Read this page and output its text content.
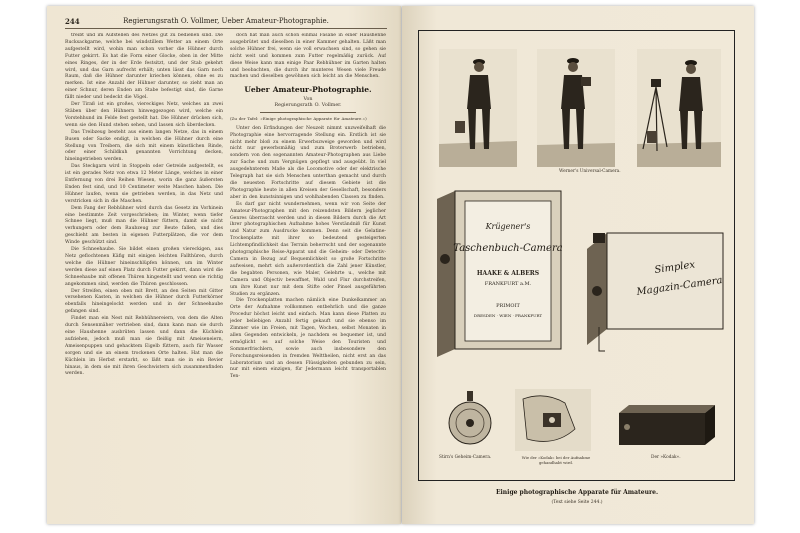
244	Regierungsrath O. Vollmer, Ueber Amateur-Photographie.

treibt und im Aufstellen des Netzes gut zu bedienen sind. Die Rucksackgarne, welche bei windstillem Wetter an einem Orte aufgestellt wird, wohin man schon vorher die Hühner durch Futter gekirrt. Es hat die Form einer Glocke, oben in der Mitte eines Ringes, der in der Erde festsitzt, und der Stab gekehrt wird, und das Garn aufrecht erhält; unten lässt das Garn noch Raum, daß die Hühner darunter kriechen können, ohne es zu merken. Ist eine Anzahl der Hühner darunter, so zieht man an einer Schnur, deren Enden am Stabe befestigt sind, die Garne fällt nieder und bedeckt die Vögel.

Der Tiraß ist ein großes, viereckiges Netz, welches an zwei Stäben über den Hühnern hinweggezogen wird, welche ein Vorstehhund im Felde fest gestellt hat. Die Hühner drücken sich, wenn sie den Hund stehen sehen, und lassen sich überdecken.

Das Treibzeug besteht aus einem langen Netze, das in einem Busen oder Sacke endigt, in welchen die Hühner durch eine Stellung von Treibern, die sich mit einem künstlichen Rinde, oder einer Schildkuh genannten Vorrichtung decken, hineingetrieben werden.

Das Steckgarn wird in Stoppeln oder Getreide aufgestellt, es ist ein gerades Netz von etwa 12 Meter Länge, welches in einer Entfernung von drei Reihen Wiesen, worin die ganz äußersten Enden fest sind, und 10 Centimeter weite Maschen haben. Die Hühner laufen, wenn sie getrieben werden, in das Netz und verstricken sich in die Maschen.

Dem Fang der Rebhühner wird durch das Gesetz im Vorhinein eine bestimmte Zeit vorgeschrieben; im Winter, wenn tiefer Schnee liegt, muß man die Hühner füttern, damit sie nicht verhungern oder dem Raubzeug zur Beute fallen, und dies geschieht am besten in eigenen Futterplätzen, die vor dem Winde geschützt sind.

Die Schneehaube. Sie bildet einen großen viereckigen, aus Netz geflochtenen Käfig mit einigen leichten Fallthüren, durch welche die Hühner hineinschlüpfen können, um im Winter werden diese auf einen Platz durch Futter gekirrt, dann wird die Schneehaube mit offenen Thüren hingestellt und wenn sie richtig angekommen sind, werden die Thüren geschlossen.

Der Streifen, einen oben mit Brett, an den Seiten mit Gitter versehenen Kasten, in welchen die Hühner durch Futterkörner ebenfalls hineingelockt werden und in der Schneehaube gefangen sind.

Findet man ein Nest mit Rebhühnereiern, von dem die Alten durch Sensenmäher vertrieben sind, dann kann man sie durch eine Haushenne ausbrüten lassen und dann die Küchlein aufziehen, jedoch muß man sie fleißig mit Ameiseneiern, Ameisenpuppen und gehacktem Eigelb füttern, auch für Wasser sorgen und sie an einem trockenen Orte halten. Hat man die Küchlein im Herbst erstarkt, so läßt man sie in ein Revier hinaus, in dem sie mit ihren Geschwistern sich zusammenfinden werden.

doch hat man auch schon einmal Fasane in einer Haushenne ausgebrütet und dieselben in einer Kammer gehalten. Läßt man solche Hühner frei, wenn sie voll erwachsen sind, so gehen sie nicht weit und kommen zum Futter regelmäßig zurück. Auf diese Weise kann man einige Paar Rebhühner im Garten halten und beobachten, die durch ihr munteres Wesen viele Freude machen und dieselben gewöhnen sich leicht an die Menschen.

Ueber Amateur-Photographie.
Von
Regierungsrath O. Vollmer.
(Zu der Tafel: »Einige photographische Apparate für Amateure.«)

Unter den Erfindungen der Neuzeit nimmt unzweifelhaft die Photographie eine hervorragende Stellung ein. Erstlich ist sie nicht mehr bloß zu einem Erwerbszweige geworden und wird nicht nur gewerbsmäßig und zum Broterwerb betrieben, sondern von den sogenannten Amateur-Photographen aus Liebe zur Sache und zum Vergnügen gepflegt und ausgeübt. In viel ausgedehnterem Maße als die Locomotive oder der elektrische Telegraph hat sie sich Menschen unterthan gemacht und durch die neuesten Fortschritte auf diesem Gebiete ist die Photographie heute in allen Kreisen der Gesellschaft, besonders aber in den kunstsinnigen und wohlhabenden Classen zu finden.

Es darf gar nicht wundernehmen, wenn wir von Seite der Amateur-Photographen mit den reizendsten Bildern jeglicher Genres überrascht werden und in diesen Bildern durch die Art ihrer photographischen Aufnahme hohes Verständniß für Kunst und Natur zum Ausdrucke kommen. Denn seit die Gelatine-Trockenplatte mit ihrer so bedeutend gesteigerten Lichtempfindlichkeit das Terrain beherrscht und der sogenannte photographische Reise-Apparat und die Geheim- oder Detectiv-Camera in Bezug auf Bequemlichkeit so große Fortschritte aufweisen, mehrt sich außerordentlich die Zahl jener Künstler, die begabten Personen, wie Maler, Gelehrte u., welche mit Camera und Objectiv bewaffnet, Wald und Flur durchstreifen, um ihre Kunst nur mit dem Stifte oder Pinsel ausgeführten Studien zu ergänzen.

Die Trockenplatten machen nämlich eine Dunkelkammer an Orte der Aufnahme vollkommen entbehrlich und die ganze Procedur höchst leicht und einfach. Man kann diese Platten zu jeder beliebigen Anzahl fertig gekauft und sie ebenso im Zimmer wie im Freien, mit Tagen, Wochen, selbst Monaten in allen Gegenden entwickeln, je nachdem es bequemer ist, und ermöglicht es auf solche Weise den Touristen und Sommerfrischlern, sowie auch insbesondere den Forschungsreisenden in fremden Welttheilen, nicht erst an das Laboratorium und an dessen Flüssigkeiten gebunden zu sein, nur mit einem einzigen, für Jedermann leicht transportablen Ten-

Werner's Universal-Camera.
Krügener's
Taschenbuch-Camera
HAAKE & ALBERS
FRANKFURT a.M.
PRIMOIT
DRESDEN · WIEN · FRANKFURT
Simplex
Magazin-Camera
Stirn's Geheim-Camera.	Wie der »Kodak« bei der Aufnahme gehandhabt wird.
Der »Kodak«.
Einige photographische Apparate für Amateure.
(Text siehe Seite 244.)
